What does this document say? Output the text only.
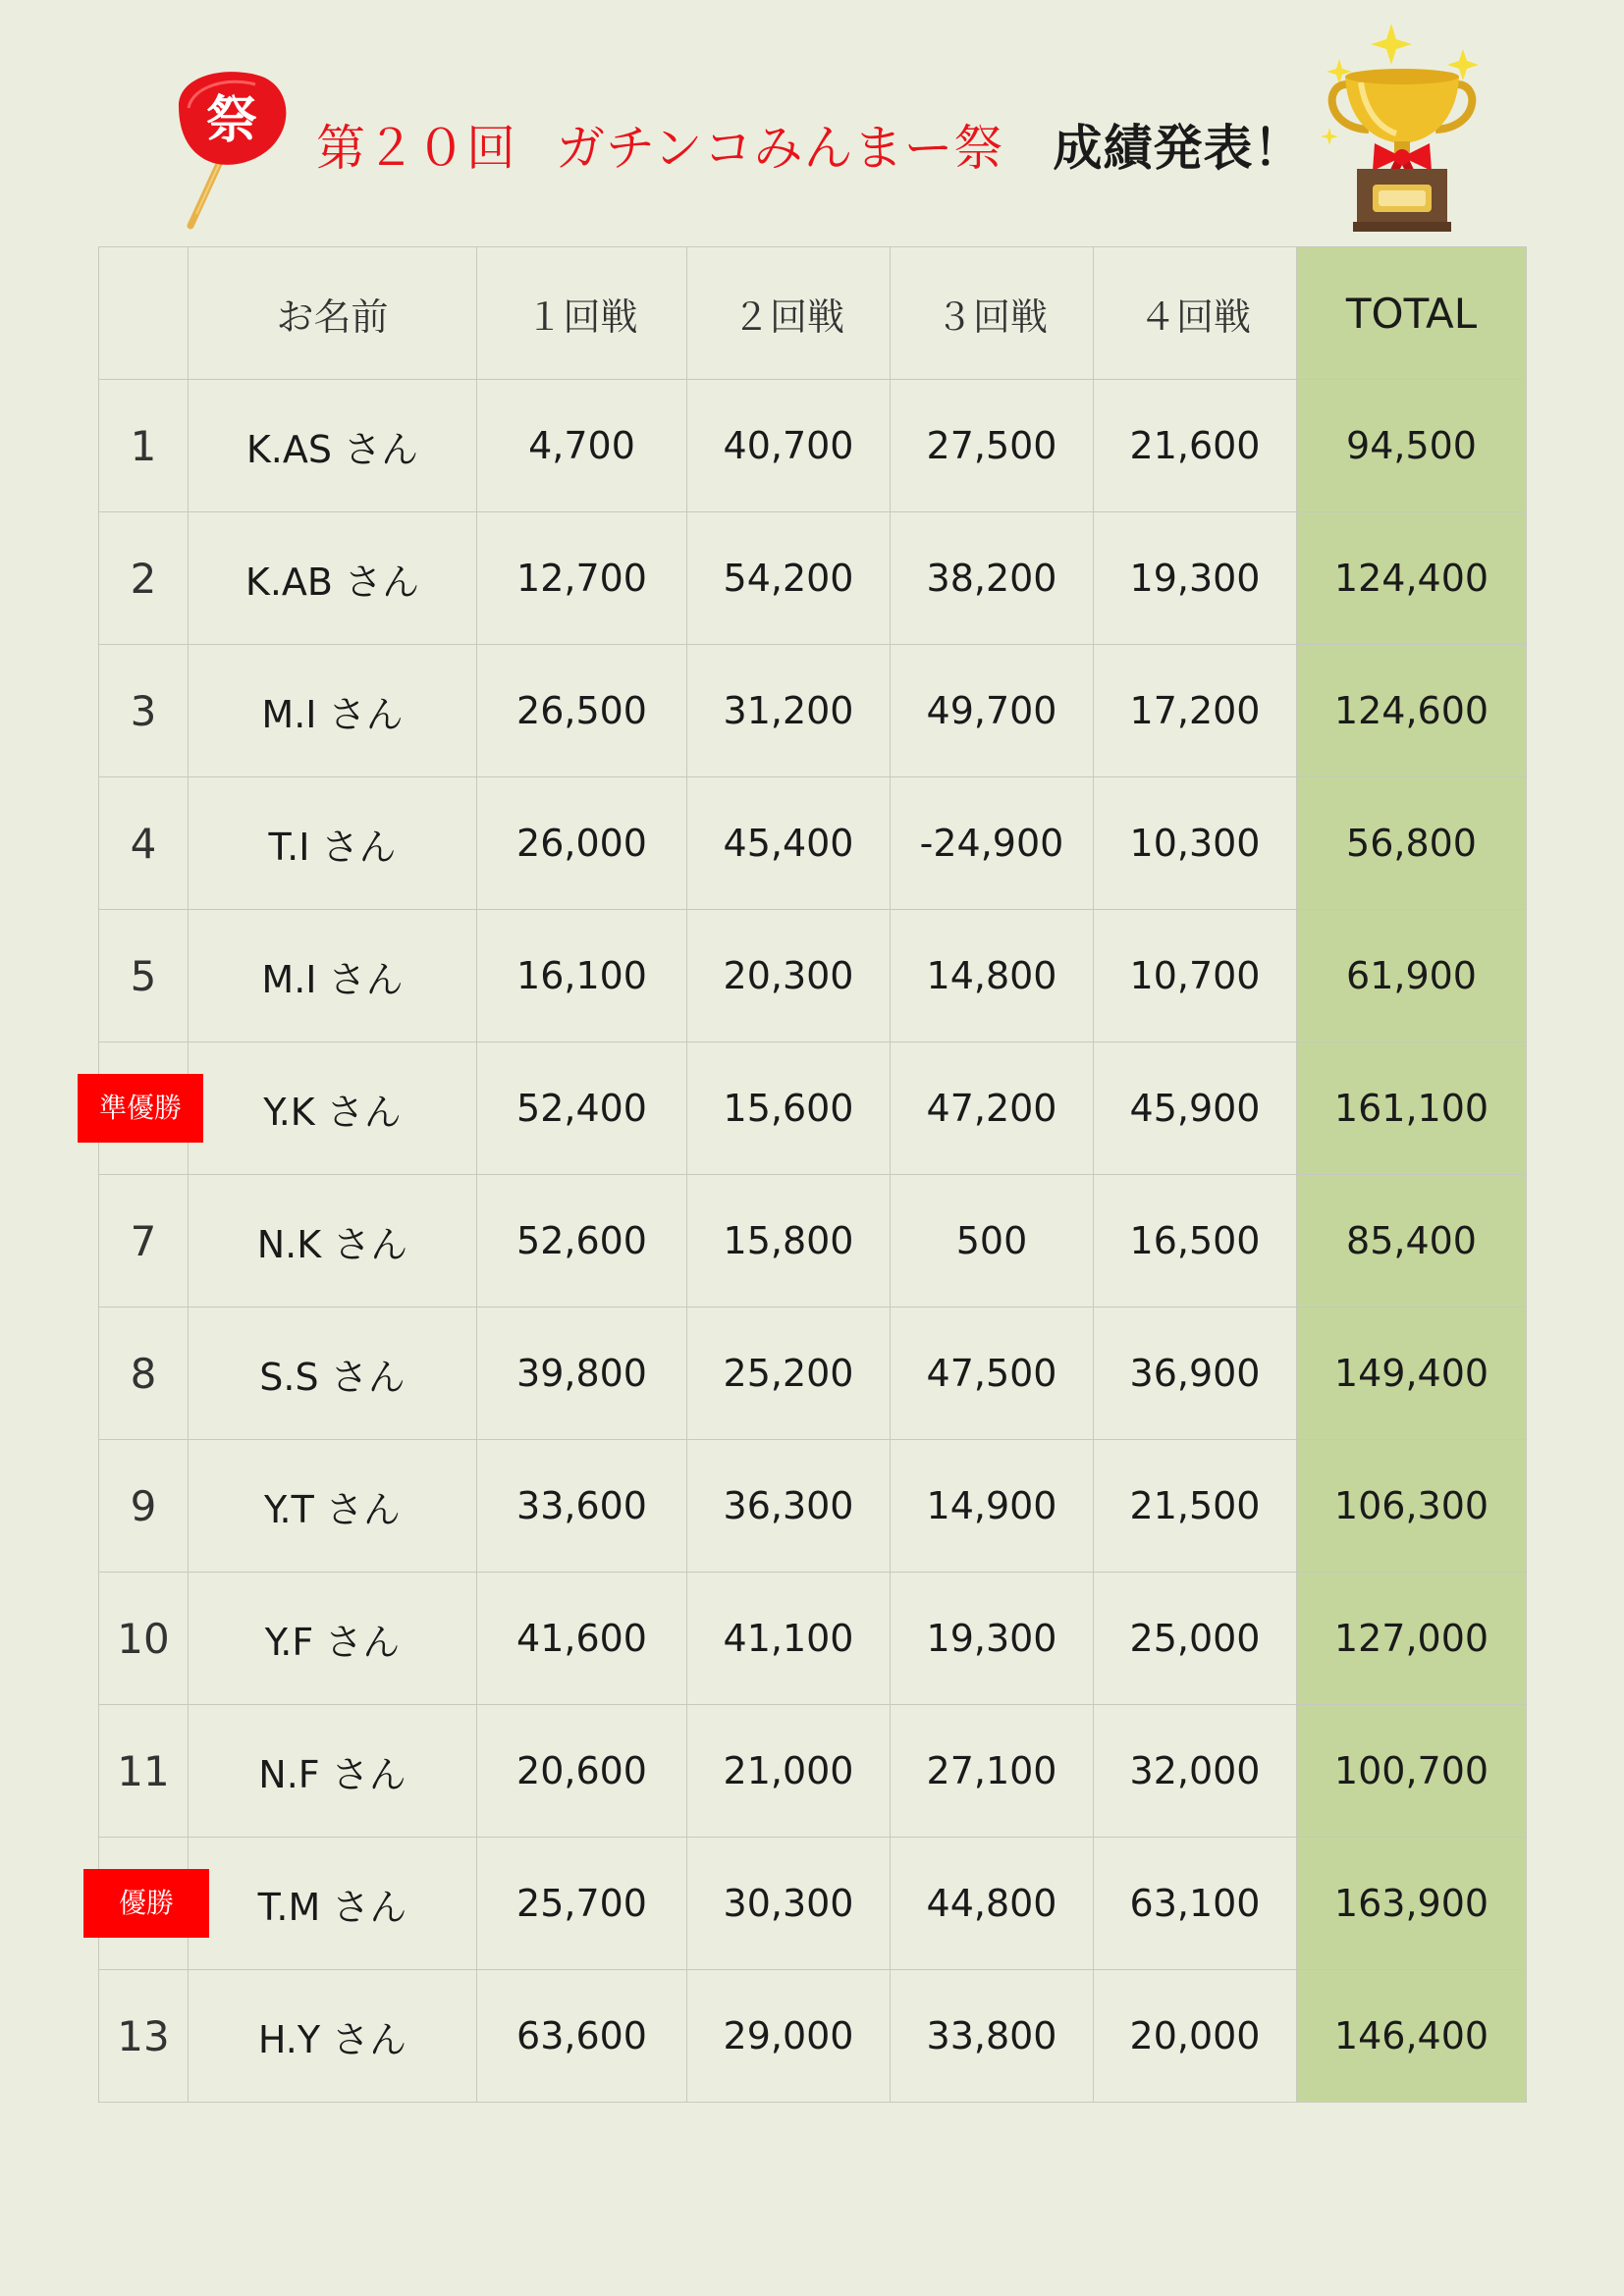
祭 第２０回 ガチンコみんまー祭 成績発表！
	お名前	１回戦	２回戦	３回戦	４回戦	TOTAL
1	K.AS さん	4,700	40,700	27,500	21,600	94,500
2	K.AB さん	12,700	54,200	38,200	19,300	124,400
3	M.I さん	26,500	31,200	49,700	17,200	124,600
4	T.I さん	26,000	45,400	-24,900	10,300	56,800
5	M.I さん	16,100	20,300	14,800	10,700	61,900

準優勝	Y.K さん	52,400	15,600	47,200	45,900	161,100
7	N.K さん	52,600	15,800	500	16,500	85,400
8	S.S さん	39,800	25,200	47,500	36,900	149,400
9	Y.T さん	33,600	36,300	14,900	21,500	106,300
10	Y.F さん	41,600	41,100	19,300	25,000	127,000
11	N.F さん	20,600	21,000	27,100	32,000	100,700

優勝	T.M さん	25,700	30,300	44,800	63,100	163,900
13	H.Y さん	63,600	29,000	33,800	20,000	146,400
